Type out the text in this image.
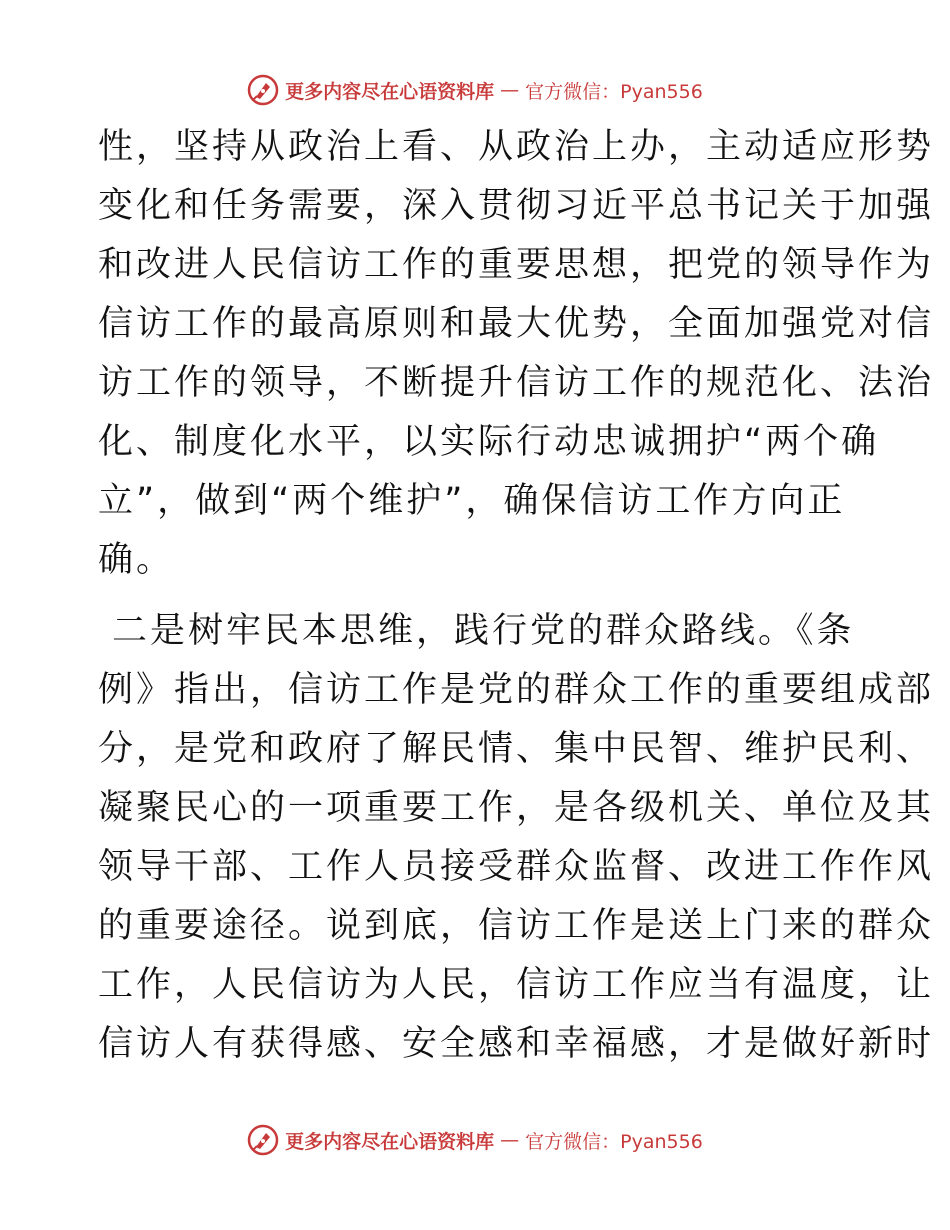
更多内容尽在心语资料库 — 官方微信：Pyan556
性，坚持从政治上看、从政治上办，主动适应形势
变化和任务需要，深入贯彻习近平总书记关于加强
和改进人民信访工作的重要思想，把党的领导作为
信访工作的最高原则和最大优势，全面加强党对信
访工作的领导，不断提升信访工作的规范化、法治
化、制度化水平，以实际行动忠诚拥护“两个确
立”，做到“两个维护”，确保信访工作方向正
确。
二是树牢民本思维，践行党的群众路线。《条
例》指出，信访工作是党的群众工作的重要组成部
分，是党和政府了解民情、集中民智、维护民利、
凝聚民心的一项重要工作，是各级机关、单位及其
领导干部、工作人员接受群众监督、改进工作作风
的重要途径。说到底，信访工作是送上门来的群众
工作，人民信访为人民，信访工作应当有温度，让
信访人有获得感、安全感和幸福感，才是做好新时
更多内容尽在心语资料库 — 官方微信：Pyan556
